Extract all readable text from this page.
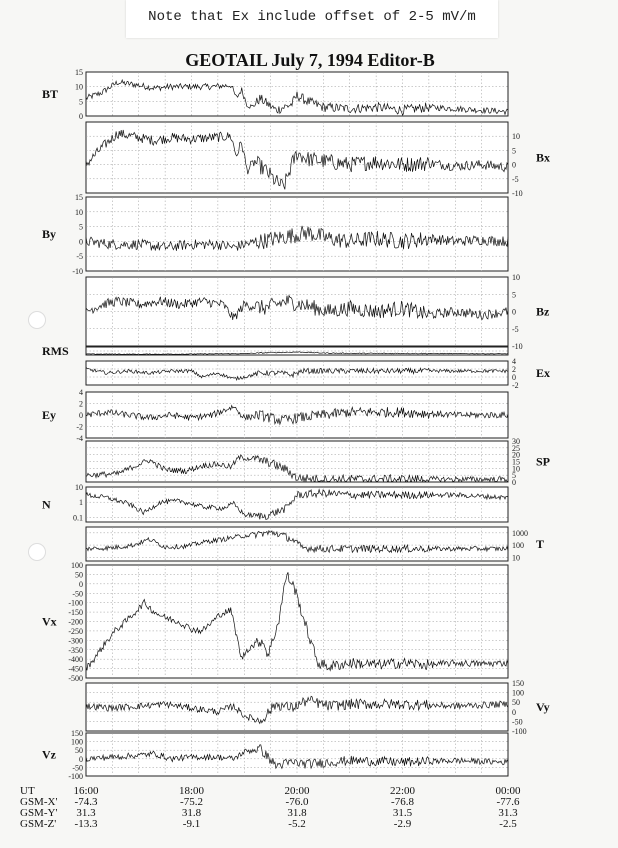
Note that Ex include offset of 2-5 mV/m
GEOTAIL July 7, 1994 Editor-B
0
5
10
15
BT
-10
-5
0
5
10
Bx
-10
-5
0
5
10
15
By
-10
-5
0
5
10
Bz
RMS
-2
0
2
4
Ex
-4
-2
0
2
4
Ey
0
5
10
15
20
25
30
SP
0.1
1
10
N
10
100
1000
T
-500
-450
-400
-350
-300
-250
-200
-150
-100
-50
0
50
100
Vx
-100
-50
0
50
100
150
Vy
-100
-50
0
50
100
150
Vz
UT	16:00	18:00	20:00	22:00	00:00
GSM-X' -74.3	-75.2	-76.0	-76.8	-77.6
GSM-Y' 31.3	31.8	31.8	31.5	31.3
GSM-Z' -13.3	-9.1	-5.2	-2.9	-2.5
